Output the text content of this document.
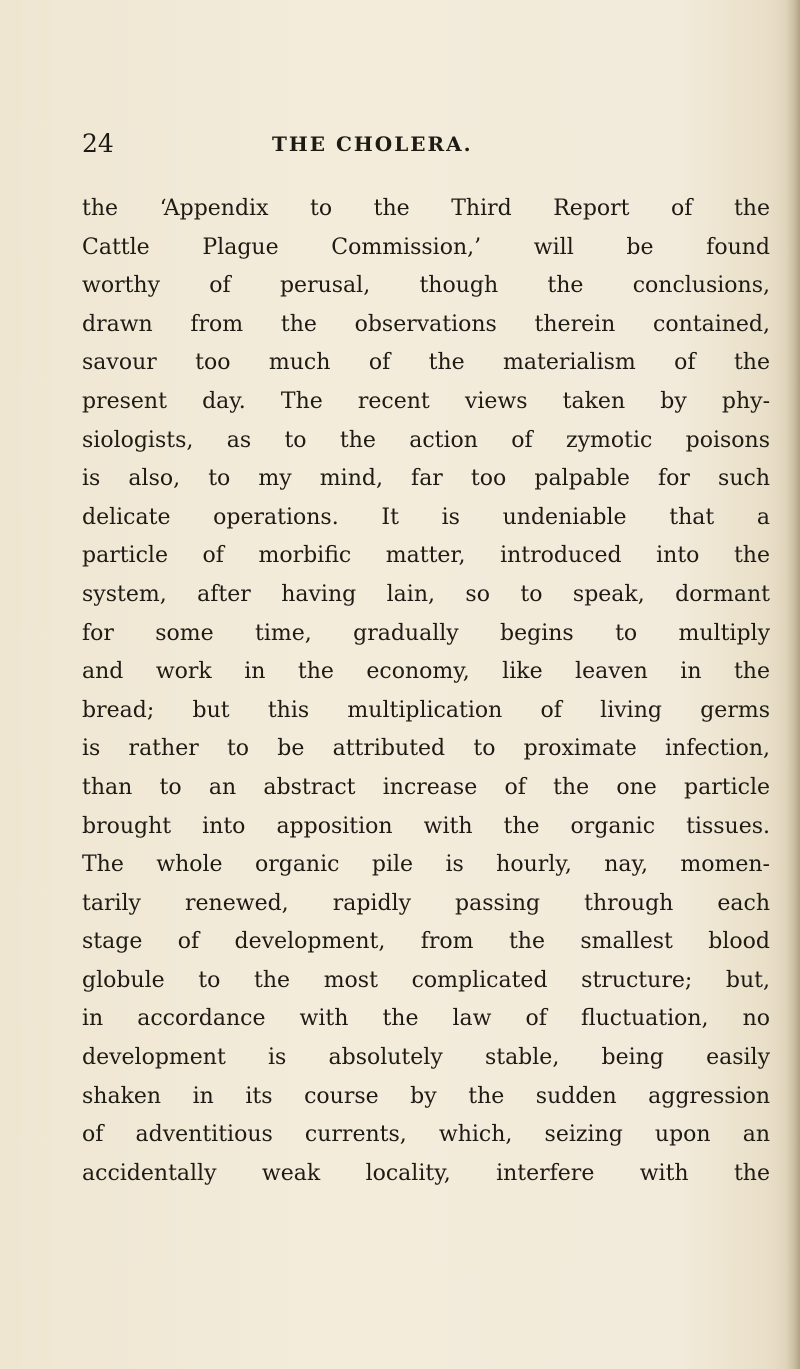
24	THE CHOLERA.
the ‘Appendix to the Third Report of the
Cattle Plague Commission,’ will be found
worthy of perusal, though the conclusions,
drawn from the observations therein contained,
savour too much of the materialism of the
present day. The recent views taken by phy-
siologists, as to the action of zymotic poisons
is also, to my mind, far too palpable for such
delicate operations. It is undeniable that a
particle of morbific matter, introduced into the
system, after having lain, so to speak, dormant
for some time, gradually begins to multiply
and work in the economy, like leaven in the
bread; but this multiplication of living germs
is rather to be attributed to proximate infection,
than to an abstract increase of the one particle
brought into apposition with the organic tissues.
The whole organic pile is hourly, nay, momen-
tarily renewed, rapidly passing through each
stage of development, from the smallest blood
globule to the most complicated structure; but,
in accordance with the law of fluctuation, no
development is absolutely stable, being easily
shaken in its course by the sudden aggression
of adventitious currents, which, seizing upon an
accidentally weak locality, interfere with the
